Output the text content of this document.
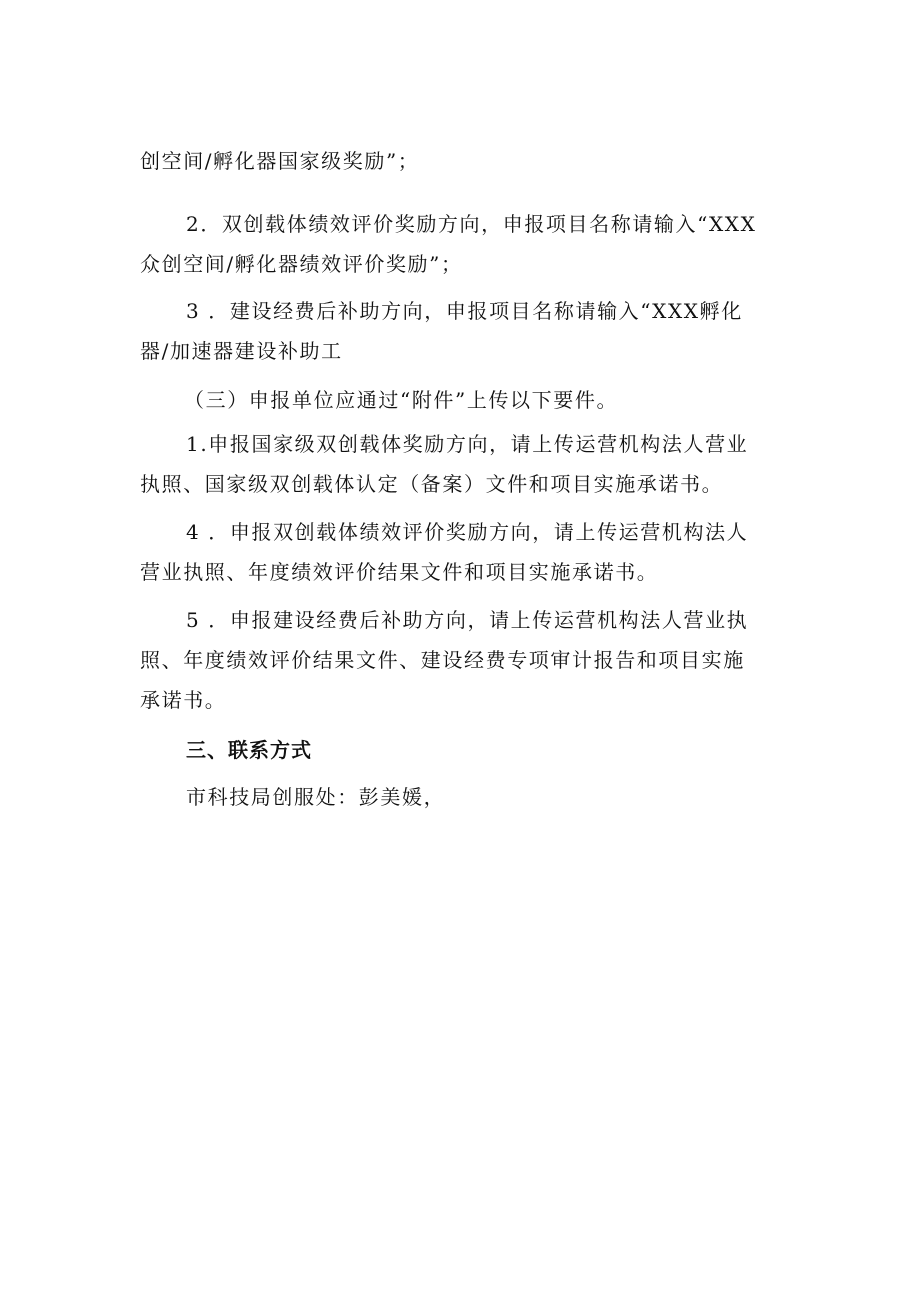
创空间/孵化器国家级奖励”；

2．双创载体绩效评价奖励方向，申报项目名称请输入“XXX
众创空间/孵化器绩效评价奖励”；

3 ．建设经费后补助方向，申报项目名称请输入“XXX孵化
器/加速器建设补助工

（三）申报单位应通过“附件”上传以下要件。

1.申报国家级双创载体奖励方向，请上传运营机构法人营业
执照、国家级双创载体认定（备案）文件和项目实施承诺书。

4 ．申报双创载体绩效评价奖励方向，请上传运营机构法人
营业执照、年度绩效评价结果文件和项目实施承诺书。

5 ．申报建设经费后补助方向，请上传运营机构法人营业执
照、年度绩效评价结果文件、建设经费专项审计报告和项目实施
承诺书。

三、联系方式

市科技局创服处：彭美媛，
